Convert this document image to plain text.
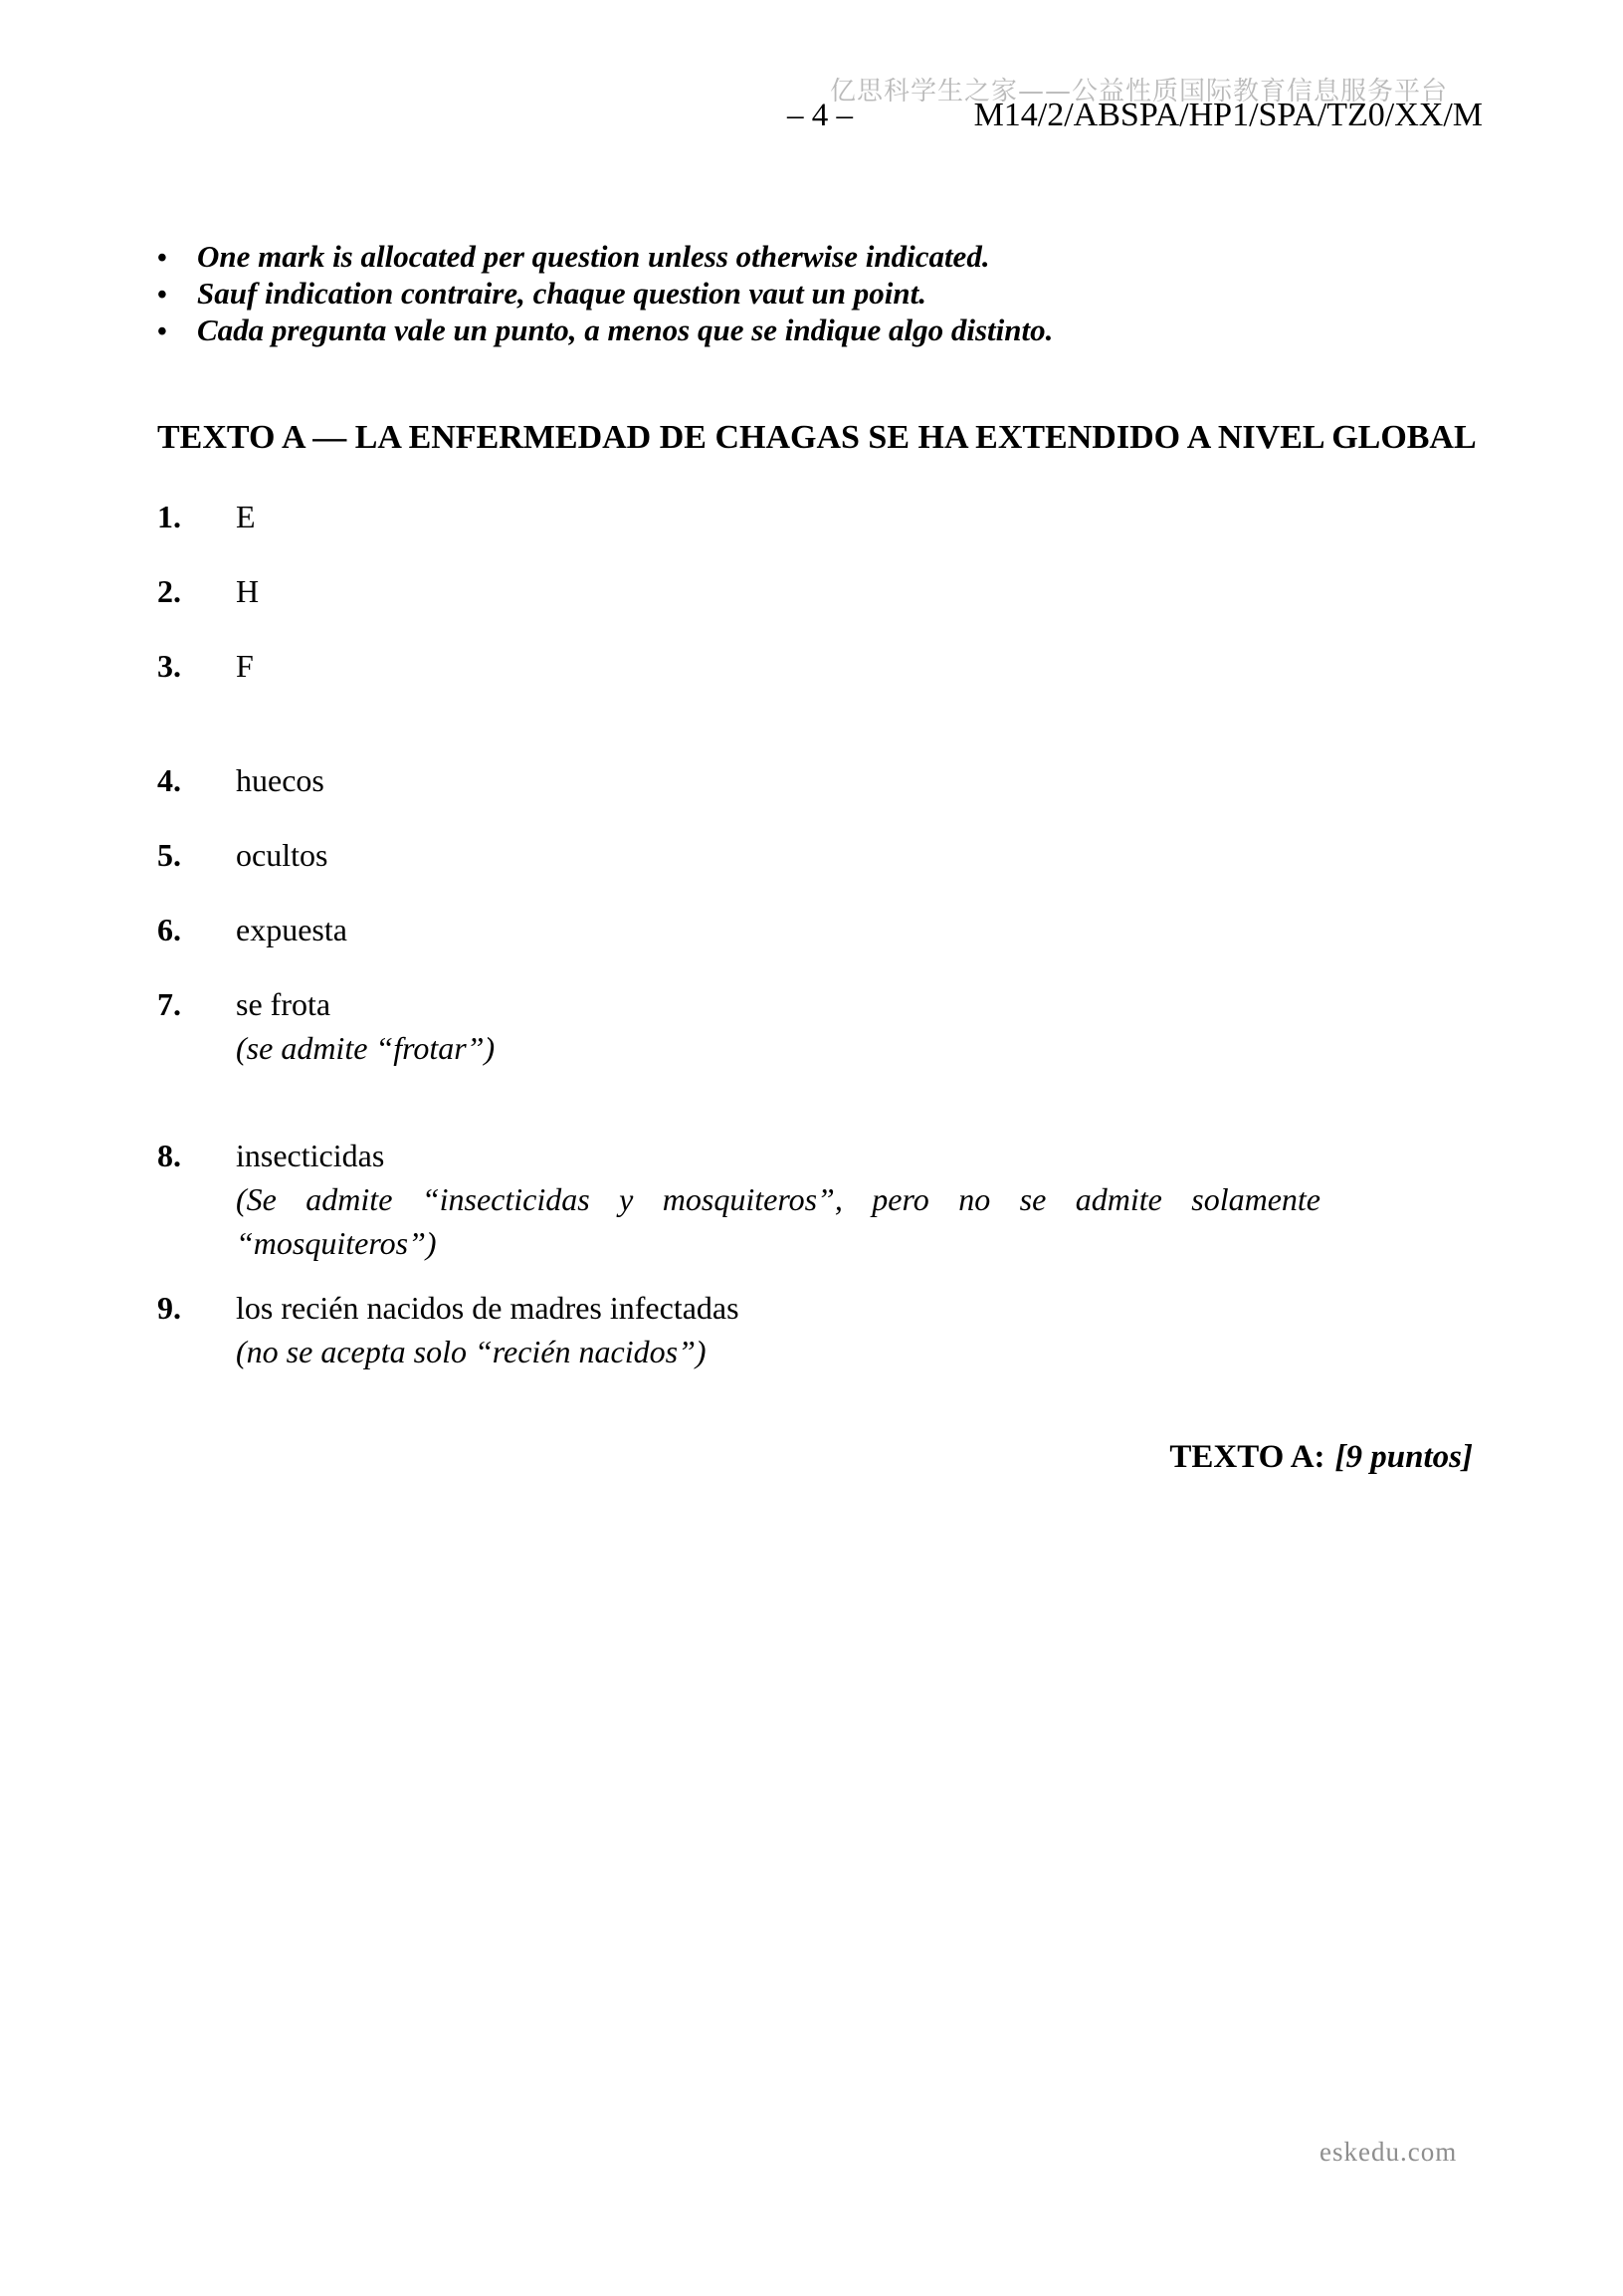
亿思科学生之家——公益性质国际教育信息服务平台
– 4 –	M14/2/ABSPA/HP1/SPA/TZ0/XX/M
• One mark is allocated per question unless otherwise indicated.
• Sauf indication contraire, chaque question vaut un point.
• Cada pregunta vale un punto, a menos que se indique algo distinto.
TEXTO A — LA ENFERMEDAD DE CHAGAS SE HA EXTENDIDO A NIVEL GLOBAL
1. E
2. H
3. F
4. huecos
5. ocultos
6. expuesta
7. se frota
(se admite “frotar”)
8. insecticidas
(Se admite “insecticidas y mosquiteros”, pero no se admite solamente
“mosquiteros”)
9. los recién nacidos de madres infectadas
(no se acepta solo “recién nacidos”)
TEXTO A: [9 puntos]
eskedu.com
